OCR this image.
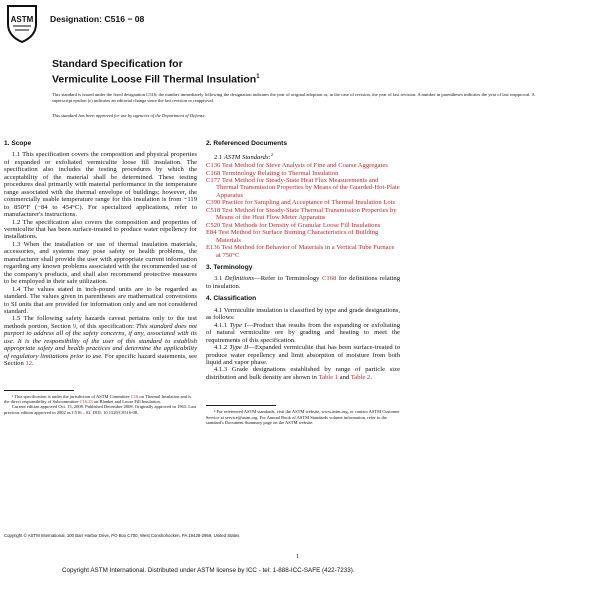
ASTM Designation: C516 − 08
Standard Specification for
Vermiculite Loose Fill Thermal Insulation$^1$
This standard is issued under the fixed designation C516; the number immediately following the designation indicates the year of original adoption or, in the case of revision, the year of last revision. A number in parentheses indicates the year of last reapproval. A superscript epsilon (ε) indicates an editorial change since the last revision or reapproval.
This standard has been approved for use by agencies of the Department of Defense.
1. Scope

1.1 This specification covers the composition and physical properties of expanded or exfoliated vermiculite loose fill insulation. The specification also includes the testing procedures by which the acceptability of the material shall be determined. These testing procedures deal primarily with material performance in the temperature range associated with the thermal envelope of buildings; however, the commercially usable temperature range for this insulation is from −119 to 850°F (−84 to 454°C). For specialized applications, refer to manufacturer's instructions.

1.2 The specification also covers the composition and properties of vermiculite that has been surface-treated to produce water repellency for installations.

1.3 When the installation or use of thermal insulation materials, accessories, and systems may pose safety or health problems, the manufacturer shall provide the user with appropriate current information regarding any known problems associated with the recommended use of the company's products, and shall also recommend protective measures to be employed in their safe utilization.

1.4 The values stated in inch-pound units are to be regarded as standard. The values given in parentheses are mathematical conversions to SI units that are provided for information only and are not considered standard.

1.5 The following safety hazards caveat pertains only to the test methods portion, Section 9, of this specification: This standard does not purport to address all of the safety concerns, if any, associated with its use. It is the responsibility of the user of this standard to establish appropriate safety and health practices and determine the applicability of regulatory limitations prior to use. For specific hazard statements, see Section 12.

¹ This specification is under the jurisdiction of ASTM Committee C16 on Thermal Insulation and is the direct responsibility of Subcommittee C16.23 on Blanket and Loose Fill Insulation.

Current edition approved Oct. 15, 2008. Published December 2008. Originally approved in 1963. Last previous edition approved in 2002 as C516 – 02. DOI: 10.1520/C0516-08.

2. Referenced Documents

2.1 ASTM Standards:$^2$

C136 Test Method for Sieve Analysis of Fine and Coarse Aggregates

C168 Terminology Relating to Thermal Insulation

C177 Test Method for Steady-State Heat Flux Measurements and Thermal Transmission Properties by Means of the Guarded-Hot-Plate Apparatus

C390 Practice for Sampling and Acceptance of Thermal Insulation Lots

C518 Test Method for Steady-State Thermal Transmission Properties by Means of the Heat Flow Meter Apparatus

C520 Test Methods for Density of Granular Loose Fill Insulations

E84 Test Method for Surface Burning Characteristics of Building Materials

E136 Test Method for Behavior of Materials in a Vertical Tube Furnace at 750°C

3. Terminology

3.1 Definitions—Refer to Terminology C168 for definitions relating to insulation.

4. Classification

4.1 Vermiculite insulation is classified by type and grade designations, as follows:

4.1.1 Type I—Product that results from the expanding or exfoliating of natural vermiculite ore by grading and heating to meet the requirements of this specification.

4.1.2 Type II—Expanded vermiculite that has been surface-treated to produce water repellency and limit absorption of moisture from both liquid and vapor phase.

4.1.3 Grade designations established by range of particle size distribution and bulk density are shown in Table 1 and Table 2.

² For referenced ASTM standards, visit the ASTM website, www.astm.org, or contact ASTM Customer Service at service@astm.org. For Annual Book of ASTM Standards volume information, refer to the standard's Document Summary page on the ASTM website.

Copyright © ASTM International, 100 Barr Harbor Drive, PO Box C700, West Conshohocken, PA 19428-2959, United States
1
Copyright ASTM International. Distributed under ASTM license by ICC - tel: 1-888-ICC-SAFE (422-7233).
